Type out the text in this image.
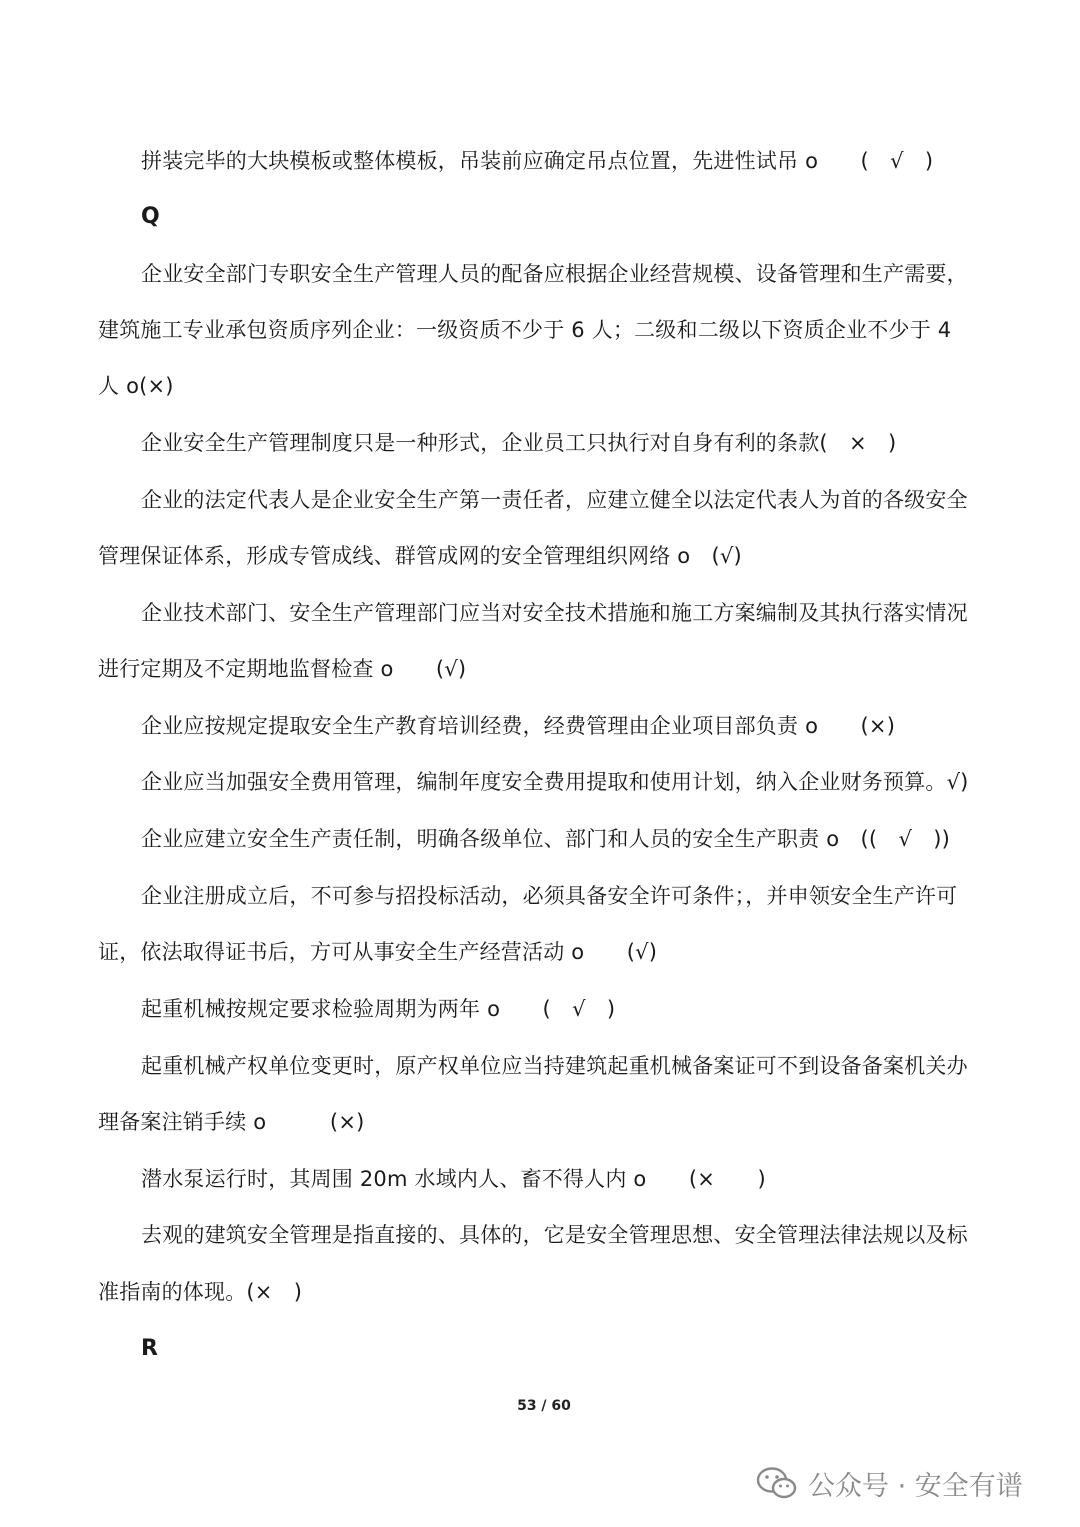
拼装完毕的大块模板或整体模板，吊装前应确定吊点位置，先进性试吊 o　　(　√　)
Q
企业安全部门专职安全生产管理人员的配备应根据企业经营规模、设备管理和生产需要，
建筑施工专业承包资质序列企业：一级资质不少于 6 人；二级和二级以下资质企业不少于 4
人 o(×)
企业安全生产管理制度只是一种形式，企业员工只执行对自身有利的条款(　×　)
企业的法定代表人是企业安全生产第一责任者，应建立健全以法定代表人为首的各级安全
管理保证体系，形成专管成线、群管成网的安全管理组织网络 o　(√)
企业技术部门、安全生产管理部门应当对安全技术措施和施工方案编制及其执行落实情况
进行定期及不定期地监督检查 o　　(√)
企业应按规定提取安全生产教育培训经费，经费管理由企业项目部负责 o　　(×)
企业应当加强安全费用管理，编制年度安全费用提取和使用计划，纳入企业财务预算。√)
企业应建立安全生产责任制，明确各级单位、部门和人员的安全生产职责 o　((　√　))
企业注册成立后，不可参与招投标活动，必须具备安全许可条件；，并申领安全生产许可
证，依法取得证书后，方可从事安全生产经营活动 o　　(√)
起重机械按规定要求检验周期为两年 o　　(　√　)
起重机械产权单位变更时，原产权单位应当持建筑起重机械备案证可不到设备备案机关办
理备案注销手续 o　　　(×)
潜水泵运行时，其周围 20m 水域内人、畜不得人内 o　　(×　　)
去观的建筑安全管理是指直接的、具体的，它是安全管理思想、安全管理法律法规以及标
准指南的体现。(×　)
R
53 / 60
公众号 · 安全有谱
